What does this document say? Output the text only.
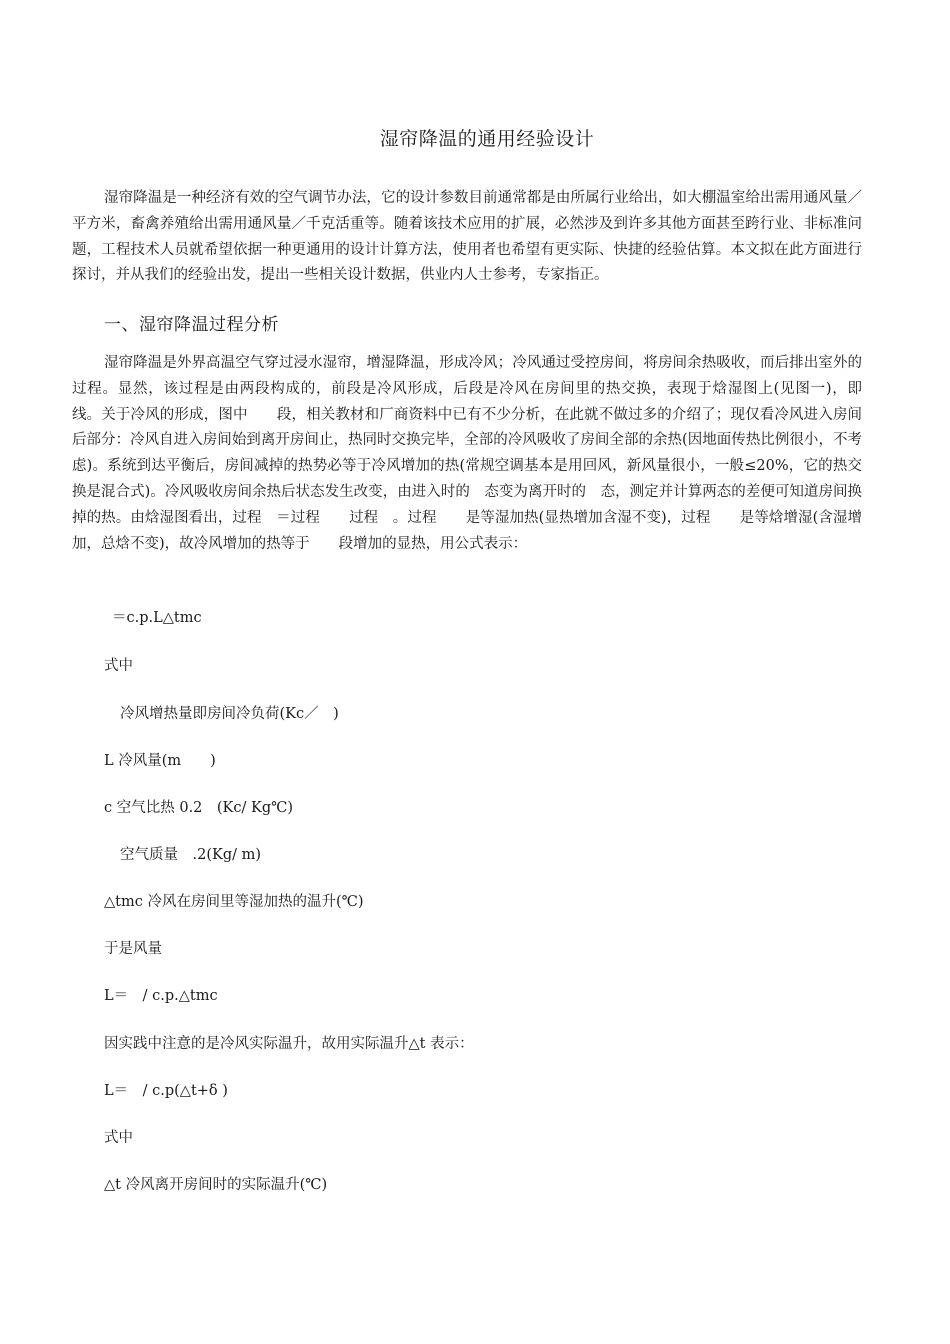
湿帘降温的通用经验设计

湿帘降温是一种经济有效的空气调节办法，它的设计参数目前通常都是由所属行业给出，如大棚温室给出需用通风量／平方米，畜禽养殖给出需用通风量／千克活重等。随着该技术应用的扩展，必然涉及到许多其他方面甚至跨行业、非标准问题，工程技术人员就希望依据一种更通用的设计计算方法，使用者也希望有更实际、快捷的经验估算。本文拟在此方面进行探讨，并从我们的经验出发，提出一些相关设计数据，供业内人士参考，专家指正。

一、湿帘降温过程分析

湿帘降温是外界高温空气穿过浸水湿帘，增湿降温，形成冷风；冷风通过受控房间，将房间余热吸收，而后排出室外的过程。显然，该过程是由两段构成的，前段是冷风形成，后段是冷风在房间里的热交换，表现于焓湿图上(见图一)，即　　　线。关于冷风的形成，图中　　段，相关教材和厂商资料中已有不少分析，在此就不做过多的介绍了；现仅看冷风进入房间后部分：冷风自进入房间始到离开房间止，热同时交换完毕，全部的冷风吸收了房间全部的余热(因地面传热比例很小，不考虑)。系统到达平衡后，房间减掉的热势必等于冷风增加的热(常规空调基本是用回风，新风量很小，一般≤20%，它的热交换是混合式)。冷风吸收房间余热后状态发生改变，由进入时的　态变为离开时的　态，测定并计算两态的差便可知道房间换掉的热。由焓湿图看出，过程　＝过程　　过程　。过程　　是等湿加热(显热增加含湿不变)，过程　　是等焓增湿(含湿增加，总焓不变)，故冷风增加的热等于　　段增加的显热，用公式表示：

＝c.p.L△tmc

式中

冷风增热量即房间冷负荷(Kc／　)

L 冷风量(m　　)

c 空气比热 0.2　(Kc/ Kg℃)

空气质量　.2(Kg/ m)

△tmc 冷风在房间里等湿加热的温升(℃)

于是风量

L＝　/ c.p.△tmc

因实践中注意的是冷风实际温升，故用实际温升△t 表示：

L＝　/ c.p(△t+δ )

式中

△t 冷风离开房间时的实际温升(℃)
